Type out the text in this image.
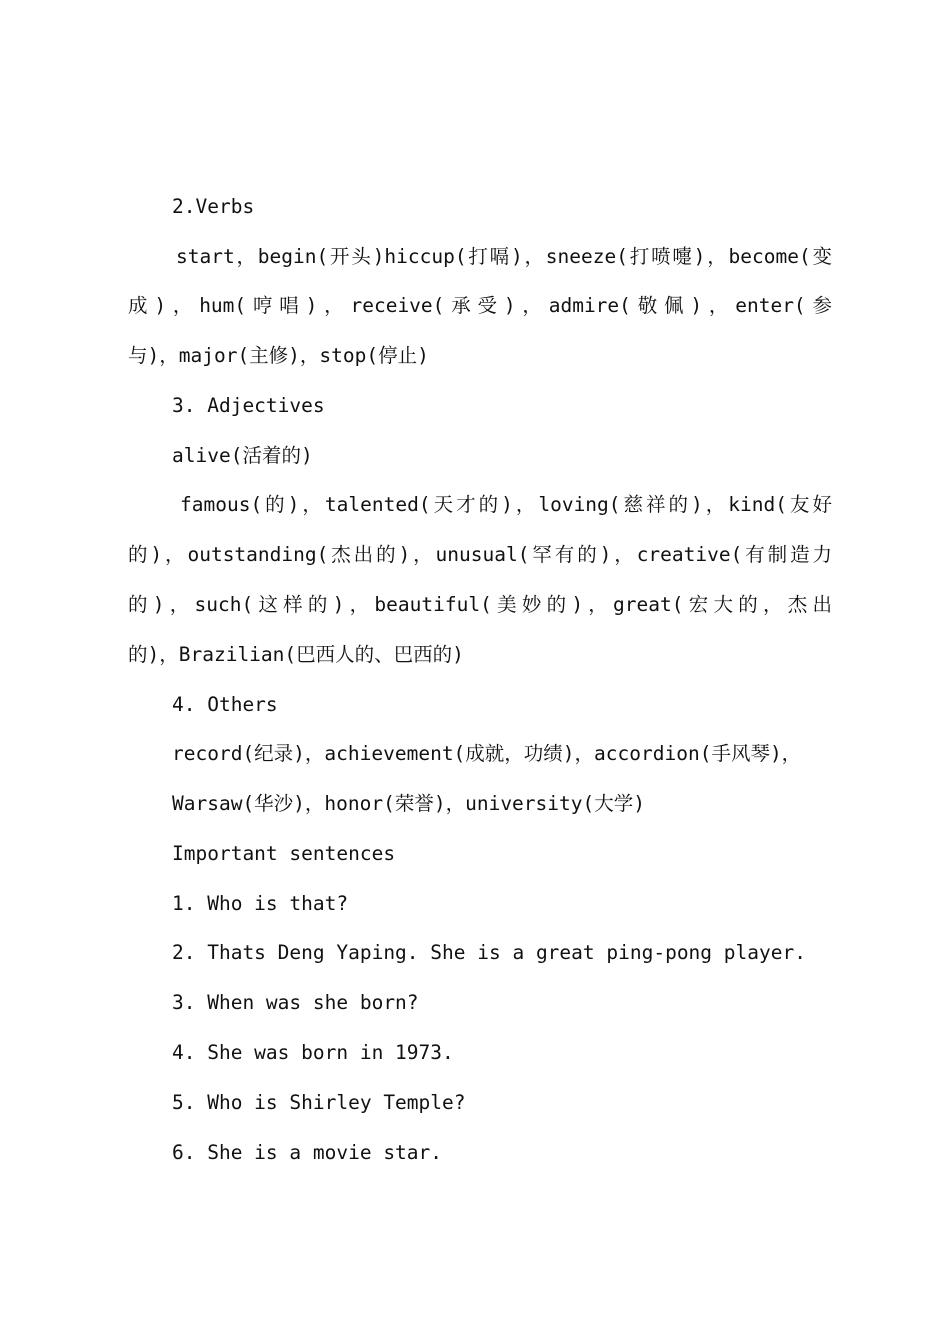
2.Verbs
start，begin(开头)hiccup(打嗝)，sneeze(打喷嚏)，become(变
成)，hum(哼唱)，receive(承受)，admire(敬佩)，enter(参
与)，major(主修)，stop(停止)
3. Adjectives
alive(活着的)
famous(的)，talented(天才的)，loving(慈祥的)，kind(友好
的)，outstanding(杰出的)，unusual(罕有的)，creative(有制造力
的)，such(这样的)，beautiful(美妙的)，great(宏大的，杰出
的)，Brazilian(巴西人的、巴西的)
4. Others
record(纪录)，achievement(成就，功绩)，accordion(手风琴)，
Warsaw(华沙)，honor(荣誉)，university(大学)
Important sentences
1. Who is that?
2. Thats Deng Yaping. She is a great ping-pong player.
3. When was she born?
4. She was born in 1973.
5. Who is Shirley Temple?
6. She is a movie star.
